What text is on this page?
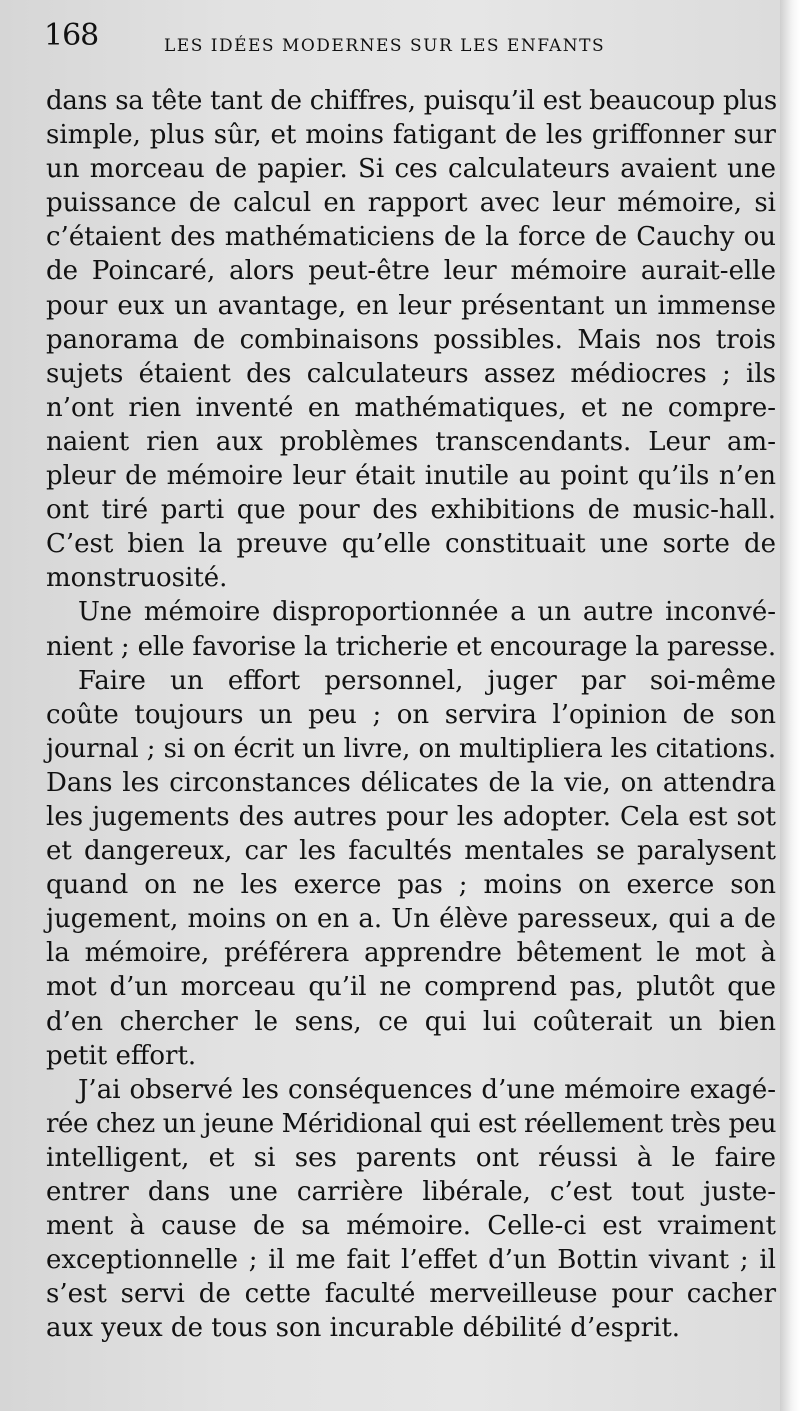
168	LES IDÉES MODERNES SUR LES ENFANTS
dans sa tête tant de chiffres, puisqu’il est beaucoup plus
simple, plus sûr, et moins fatigant de les griffonner sur
un morceau de papier. Si ces calculateurs avaient une
puissance de calcul en rapport avec leur mémoire, si
c’étaient des mathématiciens de la force de Cauchy ou
de Poincaré, alors peut-être leur mémoire aurait-elle
pour eux un avantage, en leur présentant un immense
panorama de combinaisons possibles. Mais nos trois
sujets étaient des calculateurs assez médiocres ; ils
n’ont rien inventé en mathématiques, et ne compre-
naient rien aux problèmes transcendants. Leur am-
pleur de mémoire leur était inutile au point qu’ils n’en
ont tiré parti que pour des exhibitions de music-hall.
C’est bien la preuve qu’elle constituait une sorte de
monstruosité.
Une mémoire disproportionnée a un autre inconvé-
nient ; elle favorise la tricherie et encourage la paresse.
Faire un effort personnel, juger par soi-même
coûte toujours un peu ; on servira l’opinion de son
journal ; si on écrit un livre, on multipliera les citations.
Dans les circonstances délicates de la vie, on attendra
les jugements des autres pour les adopter. Cela est sot
et dangereux, car les facultés mentales se paralysent
quand on ne les exerce pas ; moins on exerce son
jugement, moins on en a. Un élève paresseux, qui a de
la mémoire, préférera apprendre bêtement le mot à
mot d’un morceau qu’il ne comprend pas, plutôt que
d’en chercher le sens, ce qui lui coûterait un bien
petit effort.
J’ai observé les conséquences d’une mémoire exagé-
rée chez un jeune Méridional qui est réellement très peu
intelligent, et si ses parents ont réussi à le faire
entrer dans une carrière libérale, c’est tout juste-
ment à cause de sa mémoire. Celle-ci est vraiment
exceptionnelle ; il me fait l’effet d’un Bottin vivant ; il
s’est servi de cette faculté merveilleuse pour cacher
aux yeux de tous son incurable débilité d’esprit.
